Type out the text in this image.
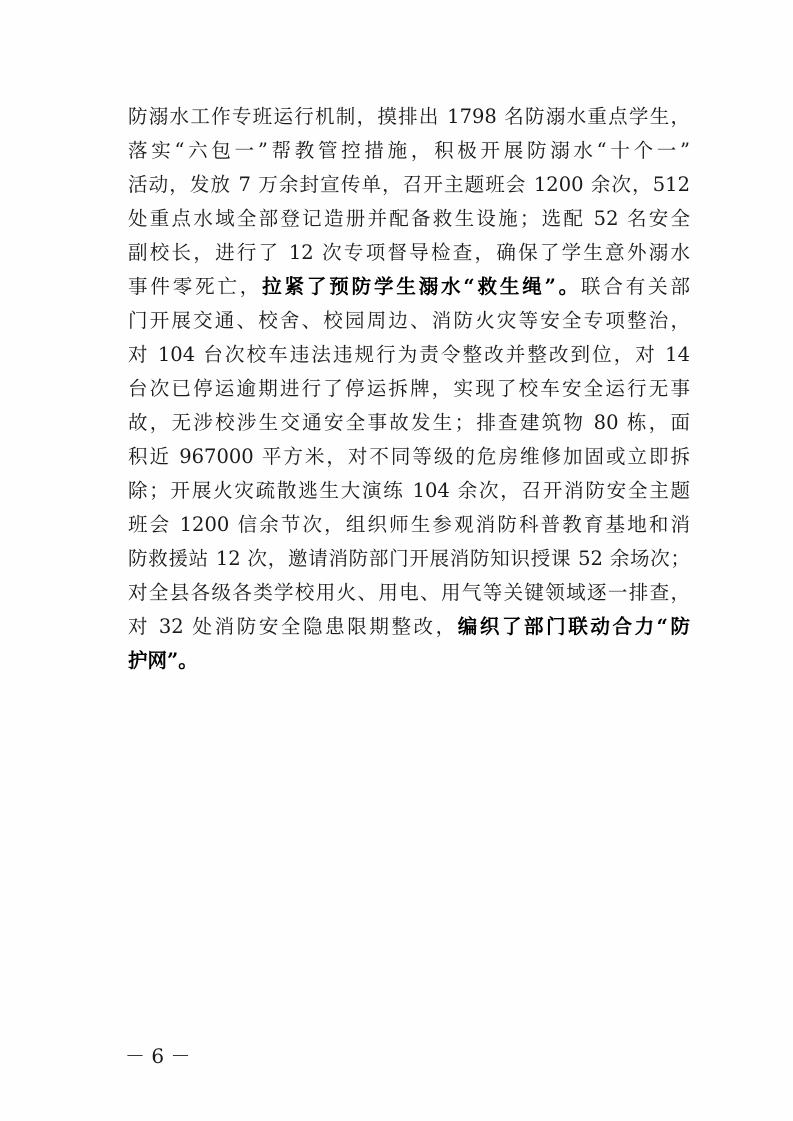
防溺水工作专班运行机制，摸排出 1798 名防溺水重点学生，
落实“六包一”帮教管控措施，积极开展防溺水“十个一”
活动，发放 7 万余封宣传单，召开主题班会 1200 余次，512
处重点水域全部登记造册并配备救生设施；选配 52 名安全
副校长，进行了 12 次专项督导检查，确保了学生意外溺水
事件零死亡，拉紧了预防学生溺水“救生绳”。联合有关部
门开展交通、校舍、校园周边、消防火灾等安全专项整治，
对 104 台次校车违法违规行为责令整改并整改到位，对 14
台次已停运逾期进行了停运拆牌，实现了校车安全运行无事
故，无涉校涉生交通安全事故发生；排查建筑物 80 栋，面
积近 967000 平方米，对不同等级的危房维修加固或立即拆
除；开展火灾疏散逃生大演练 104 余次，召开消防安全主题
班会 1200 信余节次，组织师生参观消防科普教育基地和消
防救援站 12 次，邀请消防部门开展消防知识授课 52 余场次；
对全县各级各类学校用火、用电、用气等关键领域逐一排查，
对 32 处消防安全隐患限期整改，编织了部门联动合力“防
护网”。
－ 6 －
